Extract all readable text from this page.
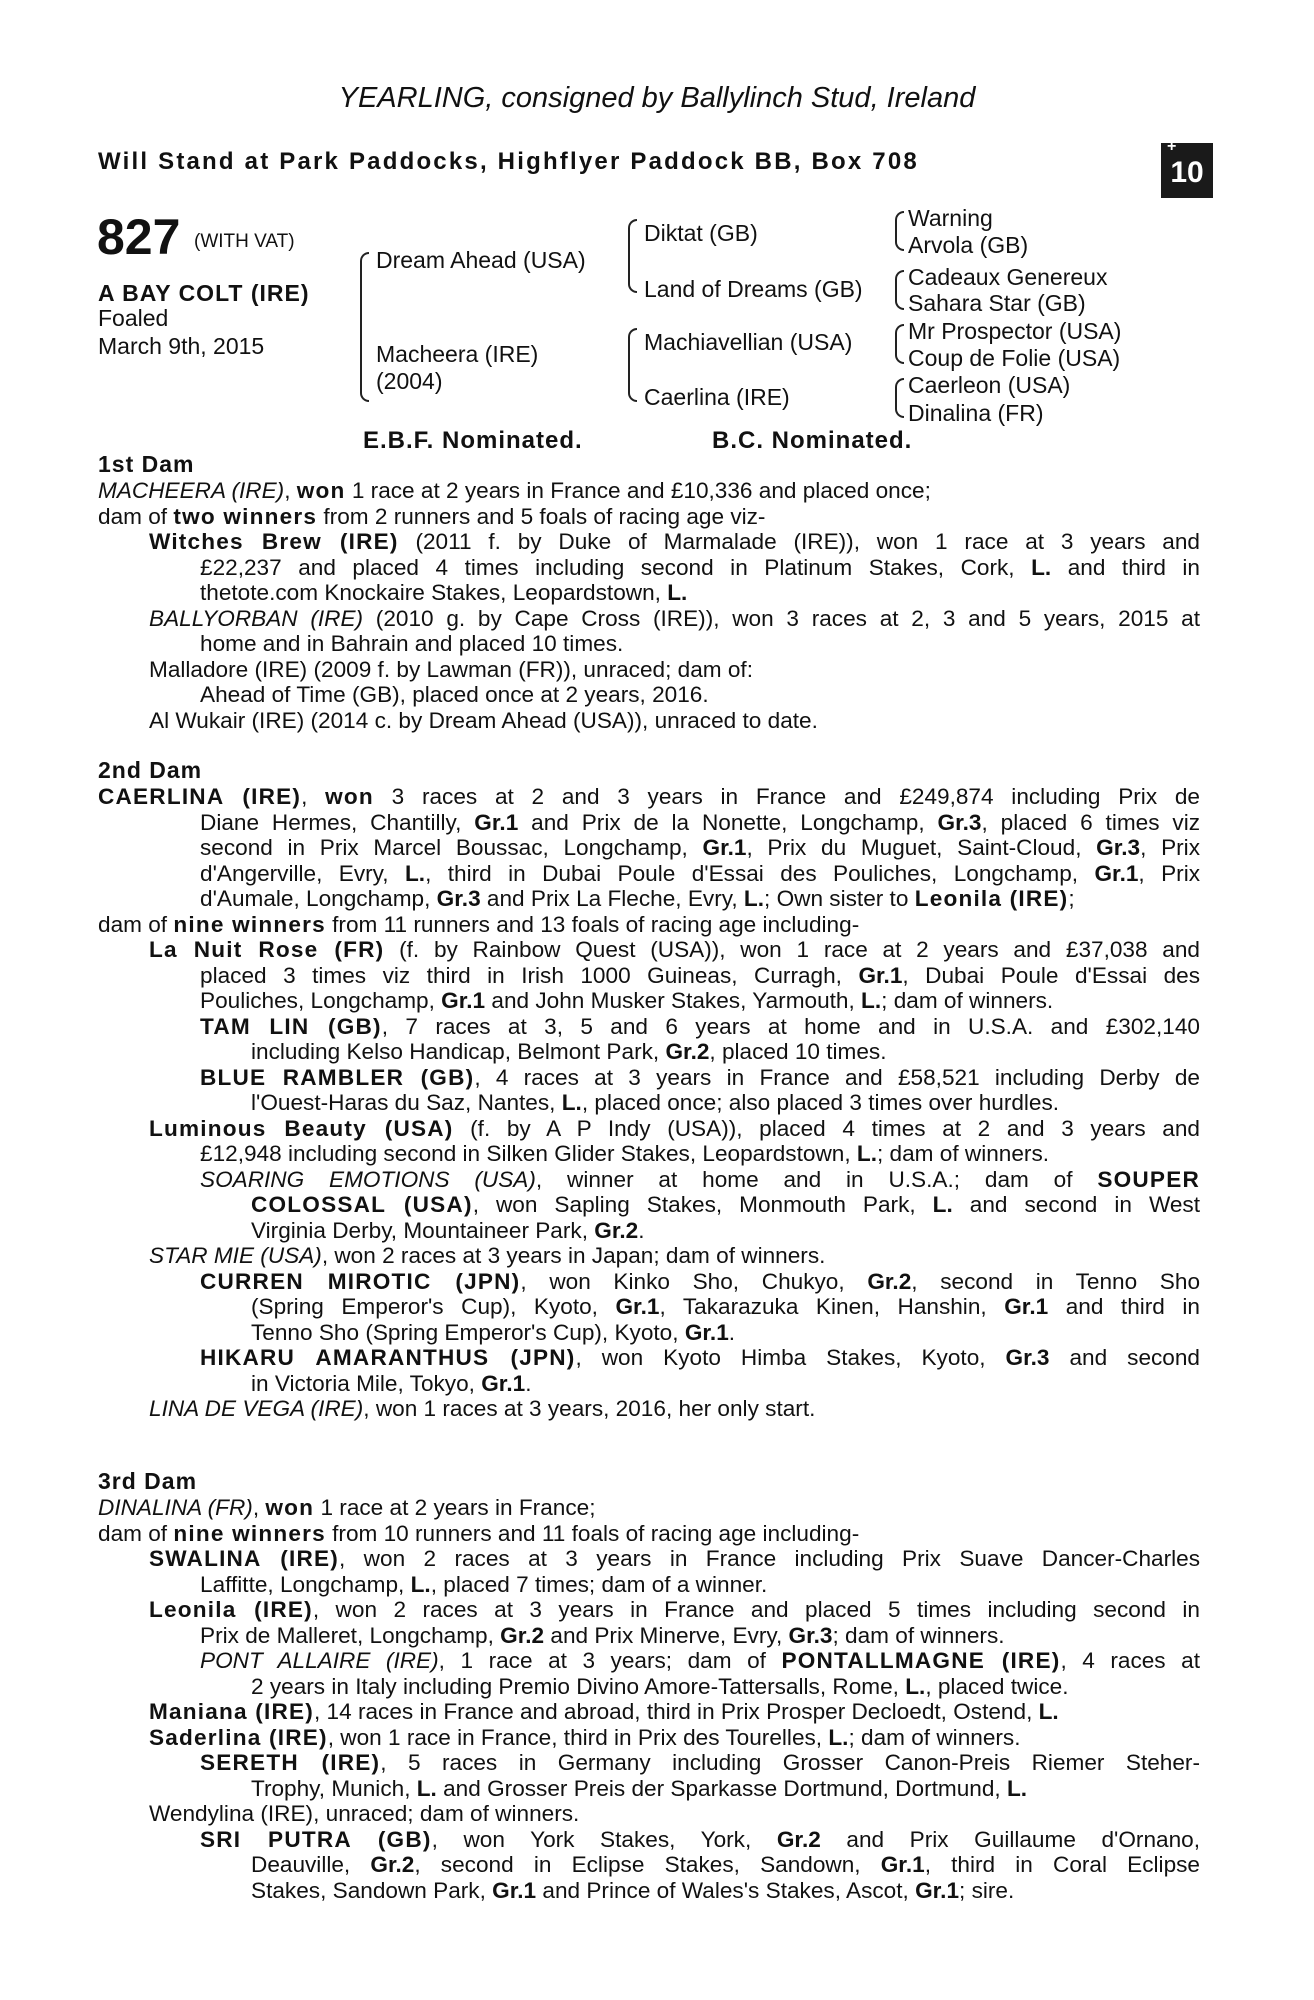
YEARLING, consigned by Ballylinch Stud, Ireland
Will Stand at Park Paddocks, Highflyer Paddock BB, Box 708
+
10
827 (WITH VAT)
A BAY COLT (IRE)
Foaled
March 9th, 2015
Dream Ahead (USA)
Macheera (IRE)
(2004)
Diktat (GB)
Land of Dreams (GB)
Machiavellian (USA)
Caerlina (IRE)
Warning
Arvola (GB)
Cadeaux Genereux
Sahara Star (GB)
Mr Prospector (USA)
Coup de Folie (USA)
Caerleon (USA)
Dinalina (FR)
E.B.F. Nominated.	B.C. Nominated.
1st Dam
MACHEERA (IRE), won 1 race at 2 years in France and £10,336 and placed once;
dam of two winners from 2 runners and 5 foals of racing age viz-
Witches Brew (IRE) (2011 f. by Duke of Marmalade (IRE)), won 1 race at 3 years and
£22,237 and placed 4 times including second in Platinum Stakes, Cork, L. and third in
thetote.com Knockaire Stakes, Leopardstown, L.
BALLYORBAN (IRE) (2010 g. by Cape Cross (IRE)), won 3 races at 2, 3 and 5 years, 2015 at
home and in Bahrain and placed 10 times.
Malladore (IRE) (2009 f. by Lawman (FR)), unraced; dam of:
Ahead of Time (GB), placed once at 2 years, 2016.
Al Wukair (IRE) (2014 c. by Dream Ahead (USA)), unraced to date.
2nd Dam
CAERLINA (IRE), won 3 races at 2 and 3 years in France and £249,874 including Prix de
Diane Hermes, Chantilly, Gr.1 and Prix de la Nonette, Longchamp, Gr.3, placed 6 times viz
second in Prix Marcel Boussac, Longchamp, Gr.1, Prix du Muguet, Saint-Cloud, Gr.3, Prix
d'Angerville, Evry, L., third in Dubai Poule d'Essai des Pouliches, Longchamp, Gr.1, Prix
d'Aumale, Longchamp, Gr.3 and Prix La Fleche, Evry, L.; Own sister to Leonila (IRE);
dam of nine winners from 11 runners and 13 foals of racing age including-
La Nuit Rose (FR) (f. by Rainbow Quest (USA)), won 1 race at 2 years and £37,038 and
placed 3 times viz third in Irish 1000 Guineas, Curragh, Gr.1, Dubai Poule d'Essai des
Pouliches, Longchamp, Gr.1 and John Musker Stakes, Yarmouth, L.; dam of winners.
TAM LIN (GB), 7 races at 3, 5 and 6 years at home and in U.S.A. and £302,140
including Kelso Handicap, Belmont Park, Gr.2, placed 10 times.
BLUE RAMBLER (GB), 4 races at 3 years in France and £58,521 including Derby de
l'Ouest-Haras du Saz, Nantes, L., placed once; also placed 3 times over hurdles.
Luminous Beauty (USA) (f. by A P Indy (USA)), placed 4 times at 2 and 3 years and
£12,948 including second in Silken Glider Stakes, Leopardstown, L.; dam of winners.
SOARING EMOTIONS (USA), winner at home and in U.S.A.; dam of SOUPER
COLOSSAL (USA), won Sapling Stakes, Monmouth Park, L. and second in West
Virginia Derby, Mountaineer Park, Gr.2.
STAR MIE (USA), won 2 races at 3 years in Japan; dam of winners.
CURREN MIROTIC (JPN), won Kinko Sho, Chukyo, Gr.2, second in Tenno Sho
(Spring Emperor's Cup), Kyoto, Gr.1, Takarazuka Kinen, Hanshin, Gr.1 and third in
Tenno Sho (Spring Emperor's Cup), Kyoto, Gr.1.
HIKARU AMARANTHUS (JPN), won Kyoto Himba Stakes, Kyoto, Gr.3 and second
in Victoria Mile, Tokyo, Gr.1.
LINA DE VEGA (IRE), won 1 races at 3 years, 2016, her only start.
3rd Dam
DINALINA (FR), won 1 race at 2 years in France;
dam of nine winners from 10 runners and 11 foals of racing age including-
SWALINA (IRE), won 2 races at 3 years in France including Prix Suave Dancer-Charles
Laffitte, Longchamp, L., placed 7 times; dam of a winner.
Leonila (IRE), won 2 races at 3 years in France and placed 5 times including second in
Prix de Malleret, Longchamp, Gr.2 and Prix Minerve, Evry, Gr.3; dam of winners.
PONT ALLAIRE (IRE), 1 race at 3 years; dam of PONTALLMAGNE (IRE), 4 races at
2 years in Italy including Premio Divino Amore-Tattersalls, Rome, L., placed twice.
Maniana (IRE), 14 races in France and abroad, third in Prix Prosper Decloedt, Ostend, L.
Saderlina (IRE), won 1 race in France, third in Prix des Tourelles, L.; dam of winners.
SERETH (IRE), 5 races in Germany including Grosser Canon-Preis Riemer Steher-
Trophy, Munich, L. and Grosser Preis der Sparkasse Dortmund, Dortmund, L.
Wendylina (IRE), unraced; dam of winners.
SRI PUTRA (GB), won York Stakes, York, Gr.2 and Prix Guillaume d'Ornano,
Deauville, Gr.2, second in Eclipse Stakes, Sandown, Gr.1, third in Coral Eclipse
Stakes, Sandown Park, Gr.1 and Prince of Wales's Stakes, Ascot, Gr.1; sire.
